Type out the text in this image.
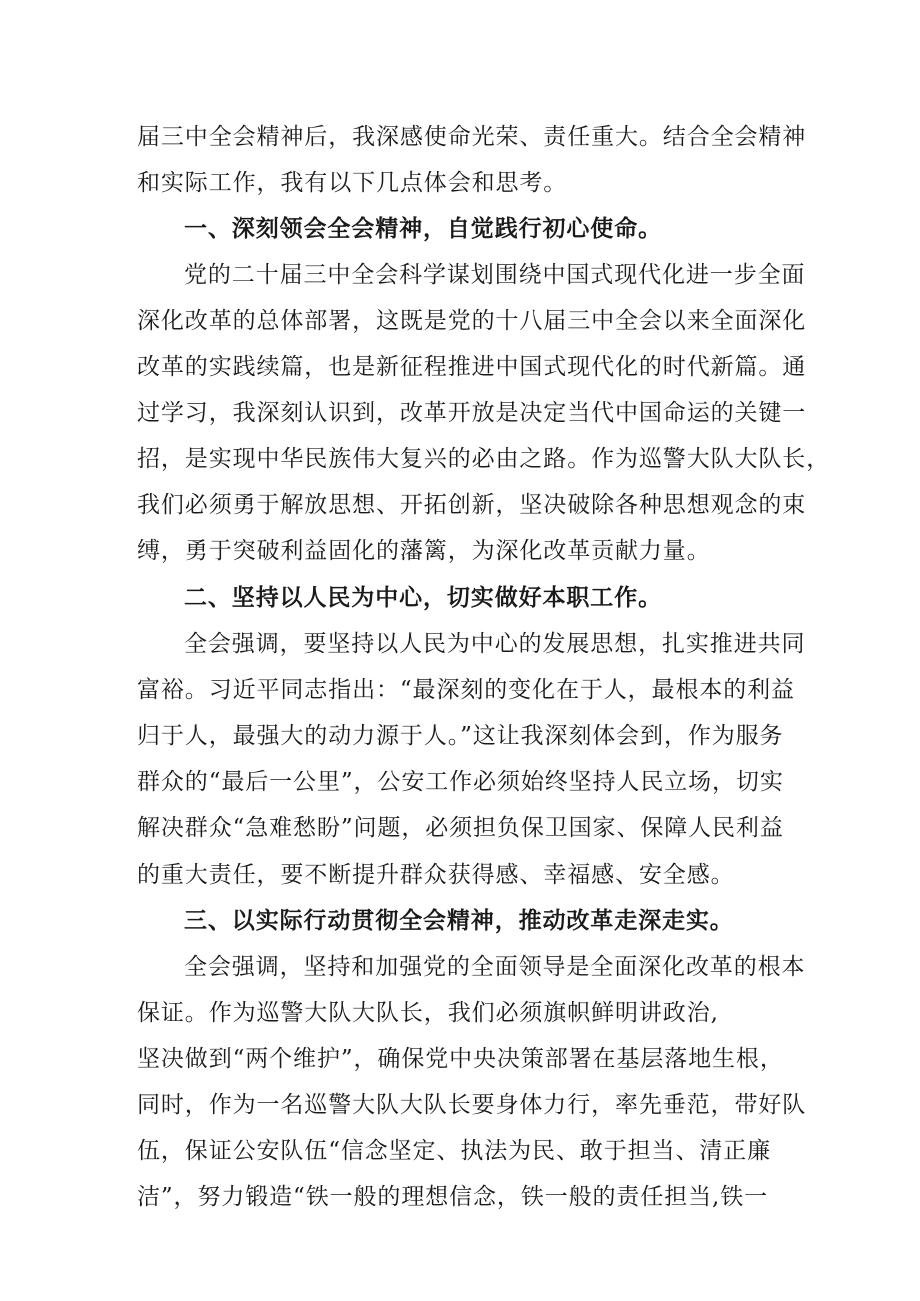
届三中全会精神后，我深感使命光荣、责任重大。结合全会精神
和实际工作，我有以下几点体会和思考。
一、深刻领会全会精神，自觉践行初心使命。
党的二十届三中全会科学谋划围绕中国式现代化进一步全面
深化改革的总体部署，这既是党的十八届三中全会以来全面深化
改革的实践续篇，也是新征程推进中国式现代化的时代新篇。通
过学习，我深刻认识到，改革开放是决定当代中国命运的关键一
招，是实现中华民族伟大复兴的必由之路。作为巡警大队大队长，
我们必须勇于解放思想、开拓创新，坚决破除各种思想观念的束
缚，勇于突破利益固化的藩篱，为深化改革贡献力量。
二、坚持以人民为中心，切实做好本职工作。
全会强调，要坚持以人民为中心的发展思想，扎实推进共同
富裕。习近平同志指出：“最深刻的变化在于人，最根本的利益
归于人，最强大的动力源于人。”这让我深刻体会到，作为服务
群众的“最后一公里”，公安工作必须始终坚持人民立场，切实
解决群众“急难愁盼”问题，必须担负保卫国家、保障人民利益
的重大责任，要不断提升群众获得感、幸福感、安全感。
三、以实际行动贯彻全会精神，推动改革走深走实。
全会强调，坚持和加强党的全面领导是全面深化改革的根本
保证。作为巡警大队大队长，我们必须旗帜鲜明讲政治,
坚决做到“两个维护”，确保党中央决策部署在基层落地生根，
同时，作为一名巡警大队大队长要身体力行，率先垂范，带好队
伍，保证公安队伍“信念坚定、执法为民、敢于担当、清正廉
洁”，努力锻造“铁一般的理想信念，铁一般的责任担当,铁一
